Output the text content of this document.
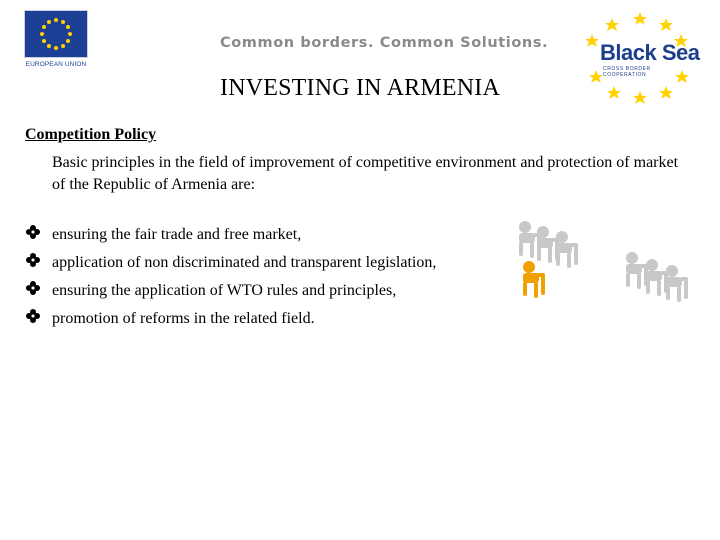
EUROPEAN UNION
Common borders. Common Solutions. Black Sea
CROSS BORDER COOPERATION
INVESTING IN ARMENIA
Competition Policy
Basic principles in the field of improvement of competitive environment and protection of market of the Republic of Armenia are:
ensuring the fair trade and free market,
application of non discriminated and transparent legislation,
ensuring the application of WTO rules and principles,
promotion of reforms in the related field.
